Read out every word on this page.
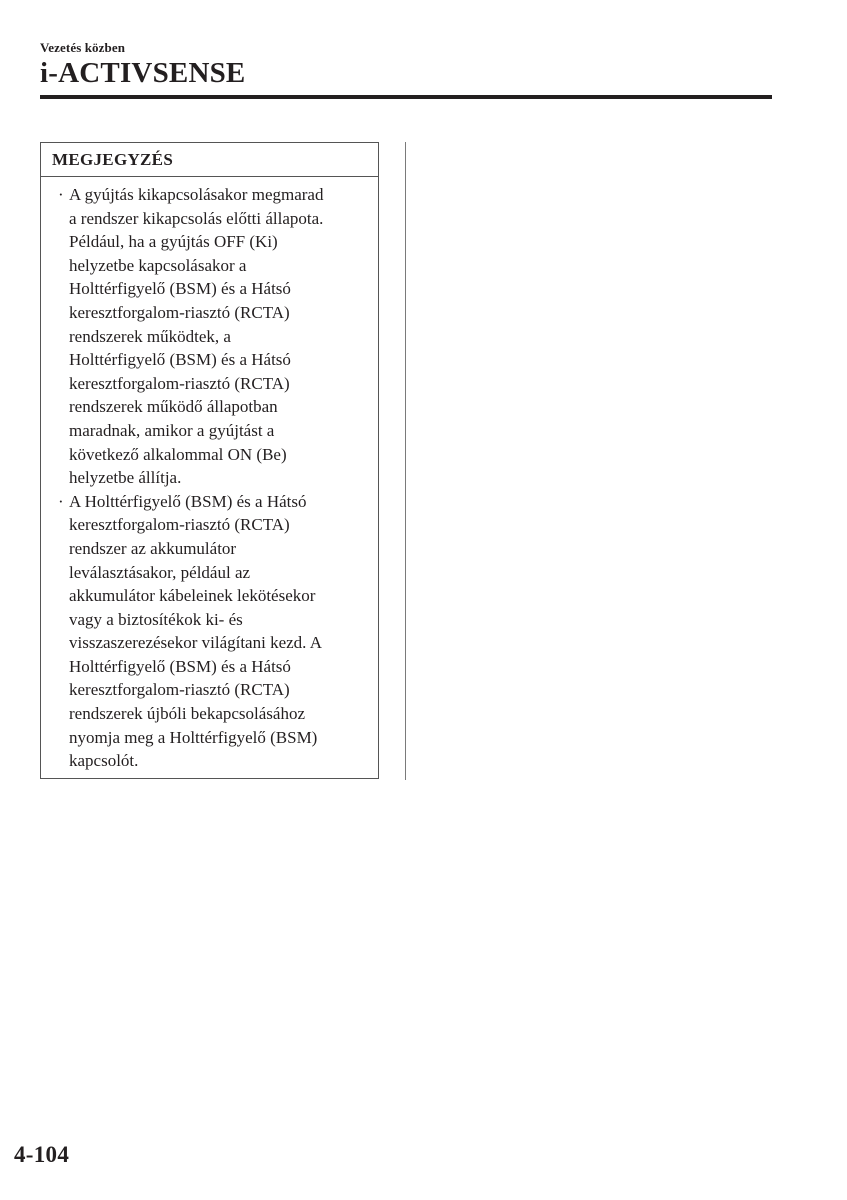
Vezetés közben
i-ACTIVSENSE
MEGJEGYZÉS
· A gyújtás kikapcsolásakor megmarad
a rendszer kikapcsolás előtti állapota.
Például, ha a gyújtás OFF (Ki)
helyzetbe kapcsolásakor a
Holttérfigyelő (BSM) és a Hátsó
keresztforgalom-riasztó (RCTA)
rendszerek működtek, a
Holttérfigyelő (BSM) és a Hátsó
keresztforgalom-riasztó (RCTA)
rendszerek működő állapotban
maradnak, amikor a gyújtást a
következő alkalommal ON (Be)
helyzetbe állítja.
· A Holttérfigyelő (BSM) és a Hátsó
keresztforgalom-riasztó (RCTA)
rendszer az akkumulátor
leválasztásakor, például az
akkumulátor kábeleinek lekötésekor
vagy a biztosítékok ki- és
visszaszerezésekor világítani kezd. A
Holttérfigyelő (BSM) és a Hátsó
keresztforgalom-riasztó (RCTA)
rendszerek újbóli bekapcsolásához
nyomja meg a Holttérfigyelő (BSM)
kapcsolót.
4-104
